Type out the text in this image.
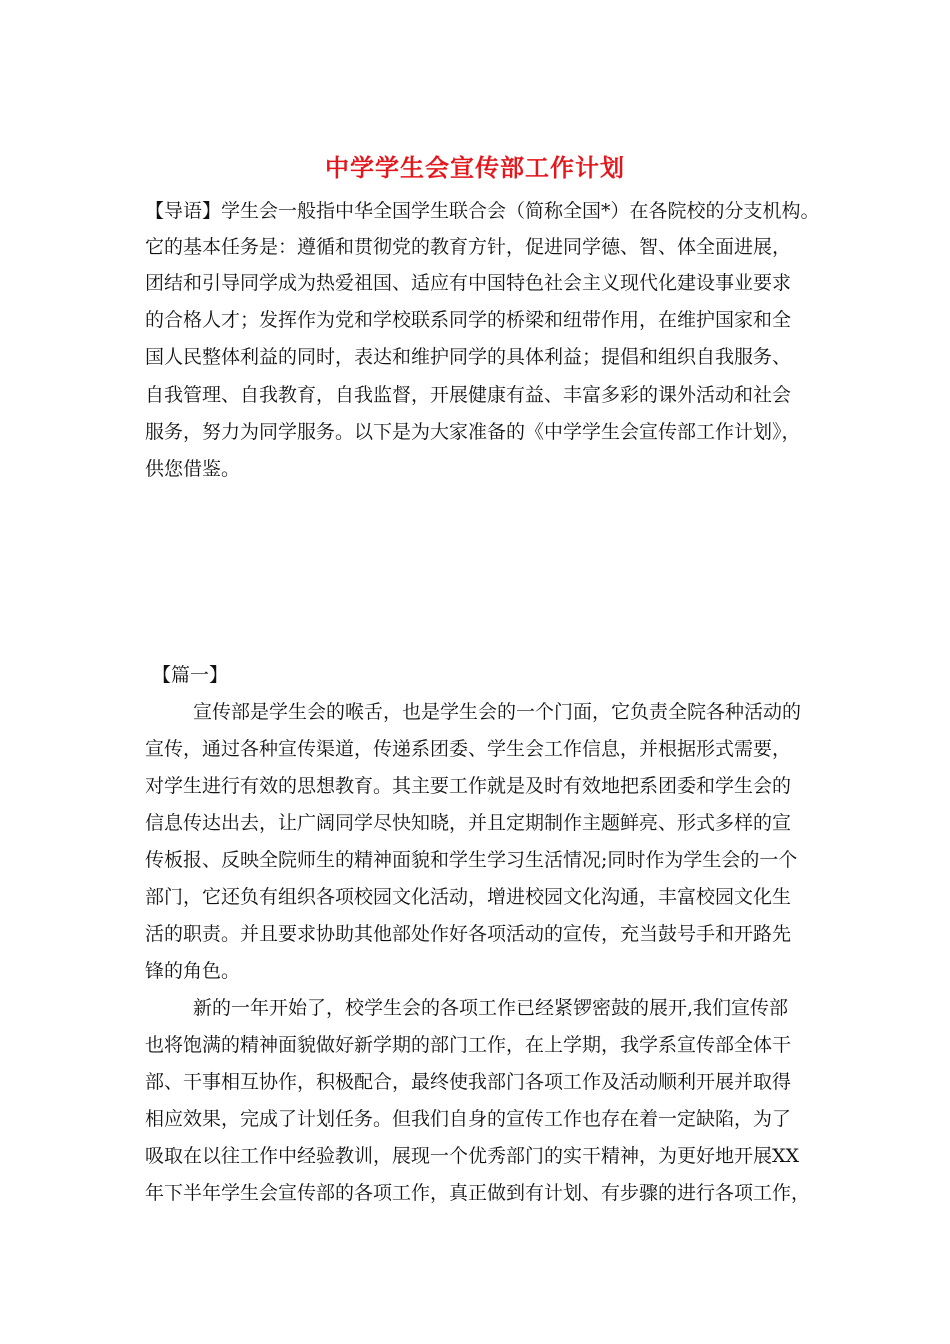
中学学生会宣传部工作计划
【导语】学生会一般指中华全国学生联合会（简称全国*）在各院校的分支机构。
它的基本任务是：遵循和贯彻党的教育方针，促进同学德、智、体全面进展，
团结和引导同学成为热爱祖国、适应有中国特色社会主义现代化建设事业要求
的合格人才；发挥作为党和学校联系同学的桥梁和纽带作用，在维护国家和全
国人民整体利益的同时，表达和维护同学的具体利益；提倡和组织自我服务、
自我管理、自我教育，自我监督，开展健康有益、丰富多彩的课外活动和社会
服务，努力为同学服务。以下是为大家准备的《中学学生会宣传部工作计划》，
供您借鉴。
【篇一】
宣传部是学生会的喉舌，也是学生会的一个门面，它负责全院各种活动的
宣传，通过各种宣传渠道，传递系团委、学生会工作信息，并根据形式需要，
对学生进行有效的思想教育。其主要工作就是及时有效地把系团委和学生会的
信息传达出去，让广阔同学尽快知晓，并且定期制作主题鲜亮、形式多样的宣
传板报、反映全院师生的精神面貌和学生学习生活情况;同时作为学生会的一个
部门，它还负有组织各项校园文化活动，增进校园文化沟通，丰富校园文化生
活的职责。并且要求协助其他部处作好各项活动的宣传，充当鼓号手和开路先
锋的角色。
新的一年开始了，校学生会的各项工作已经紧锣密鼓的展开,我们宣传部
也将饱满的精神面貌做好新学期的部门工作，在上学期，我学系宣传部全体干
部、干事相互协作，积极配合，最终使我部门各项工作及活动顺利开展并取得
相应效果，完成了计划任务。但我们自身的宣传工作也存在着一定缺陷，为了
吸取在以往工作中经验教训，展现一个优秀部门的实干精神，为更好地开展XX
年下半年学生会宣传部的各项工作，真正做到有计划、有步骤的进行各项工作，
